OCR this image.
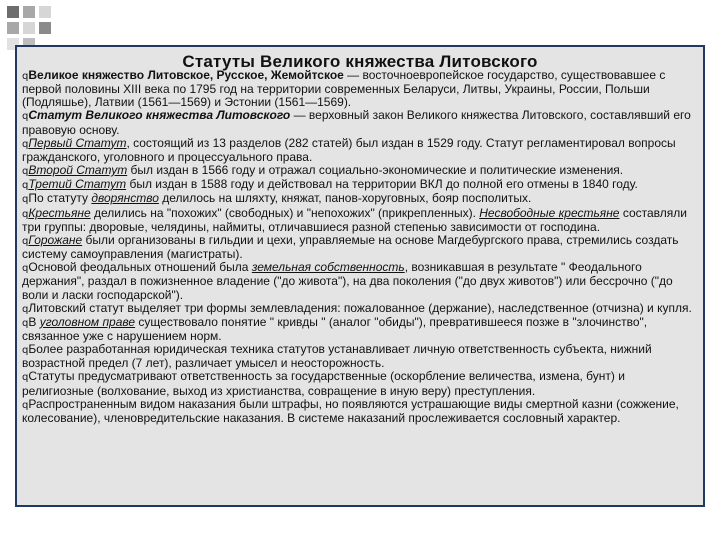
Статуты Великого княжества Литовского

qВеликое княжество Литовское, Русское, Жемойтское — восточноевропейское государство, существовавшее с первой половины XIII века по 1795 год на территории современных Беларуси, Литвы, Украины, России, Польши (Подляшье), Латвии (1561—1569) и Эстонии (1561—1569).

qСтатут Великого княжества Литовского — верховный закон Великого княжества Литовского, составлявший его правовую основу.

qПервый Статут, состоящий из 13 разделов (282 статей) был издан в 1529 году. Статут регламентировал вопросы гражданского, уголовного и процессуального права.

qВторой Статут был издан в 1566 году и отражал социально-экономические и политические изменения.

qТретий Статут был издан в 1588 году и действовал на территории ВКЛ до полной его отмены в 1840 году.

qПо статуту дворянство делилось на шляхту, княжат, панов-хоруговных, бояр посполитых.

qКрестьяне делились на "похожих" (свободных) и "непохожих" (прикрепленных). Несвободные крестьяне составляли три группы: дворовые, челядины, наймиты, отличавшиеся разной степенью зависимости от господина.

qГорожане были организованы в гильдии и цехи, управляемые на основе Магдебургского права, стремились создать систему самоуправления (магистраты).

qОсновой феодальных отношений была земельная собственность, возникавшая в результате " Феодального держания", раздал в пожизненное владение ("до живота"), на два поколения ("до двух животов") или бессрочно ("до воли и ласки господарской").

qЛитовский статут выделяет три формы землевладения: пожалованное (держание), наследственное (отчизна) и купля.

qВ уголовном праве существовало понятие " кривды " (аналог "обиды"), превратившееся позже в "злочинство", связанное уже с нарушением норм.

qБолее разработанная юридическая техника статутов устанавливает личную ответственность субъекта, нижний возрастной предел (7 лет), различает умысел и неосторожность.

qСтатуты предусматривают ответственность за государственные (оскорбление величества, измена, бунт) и религиозные (волхование, выход из христианства, совращение в иную веру) преступления.

qРаспространенным видом наказания были штрафы, но появляются устрашающие виды смертной казни (сожжение, колесование), членовредительские наказания. В системе наказаний прослеживается сословный характер.
